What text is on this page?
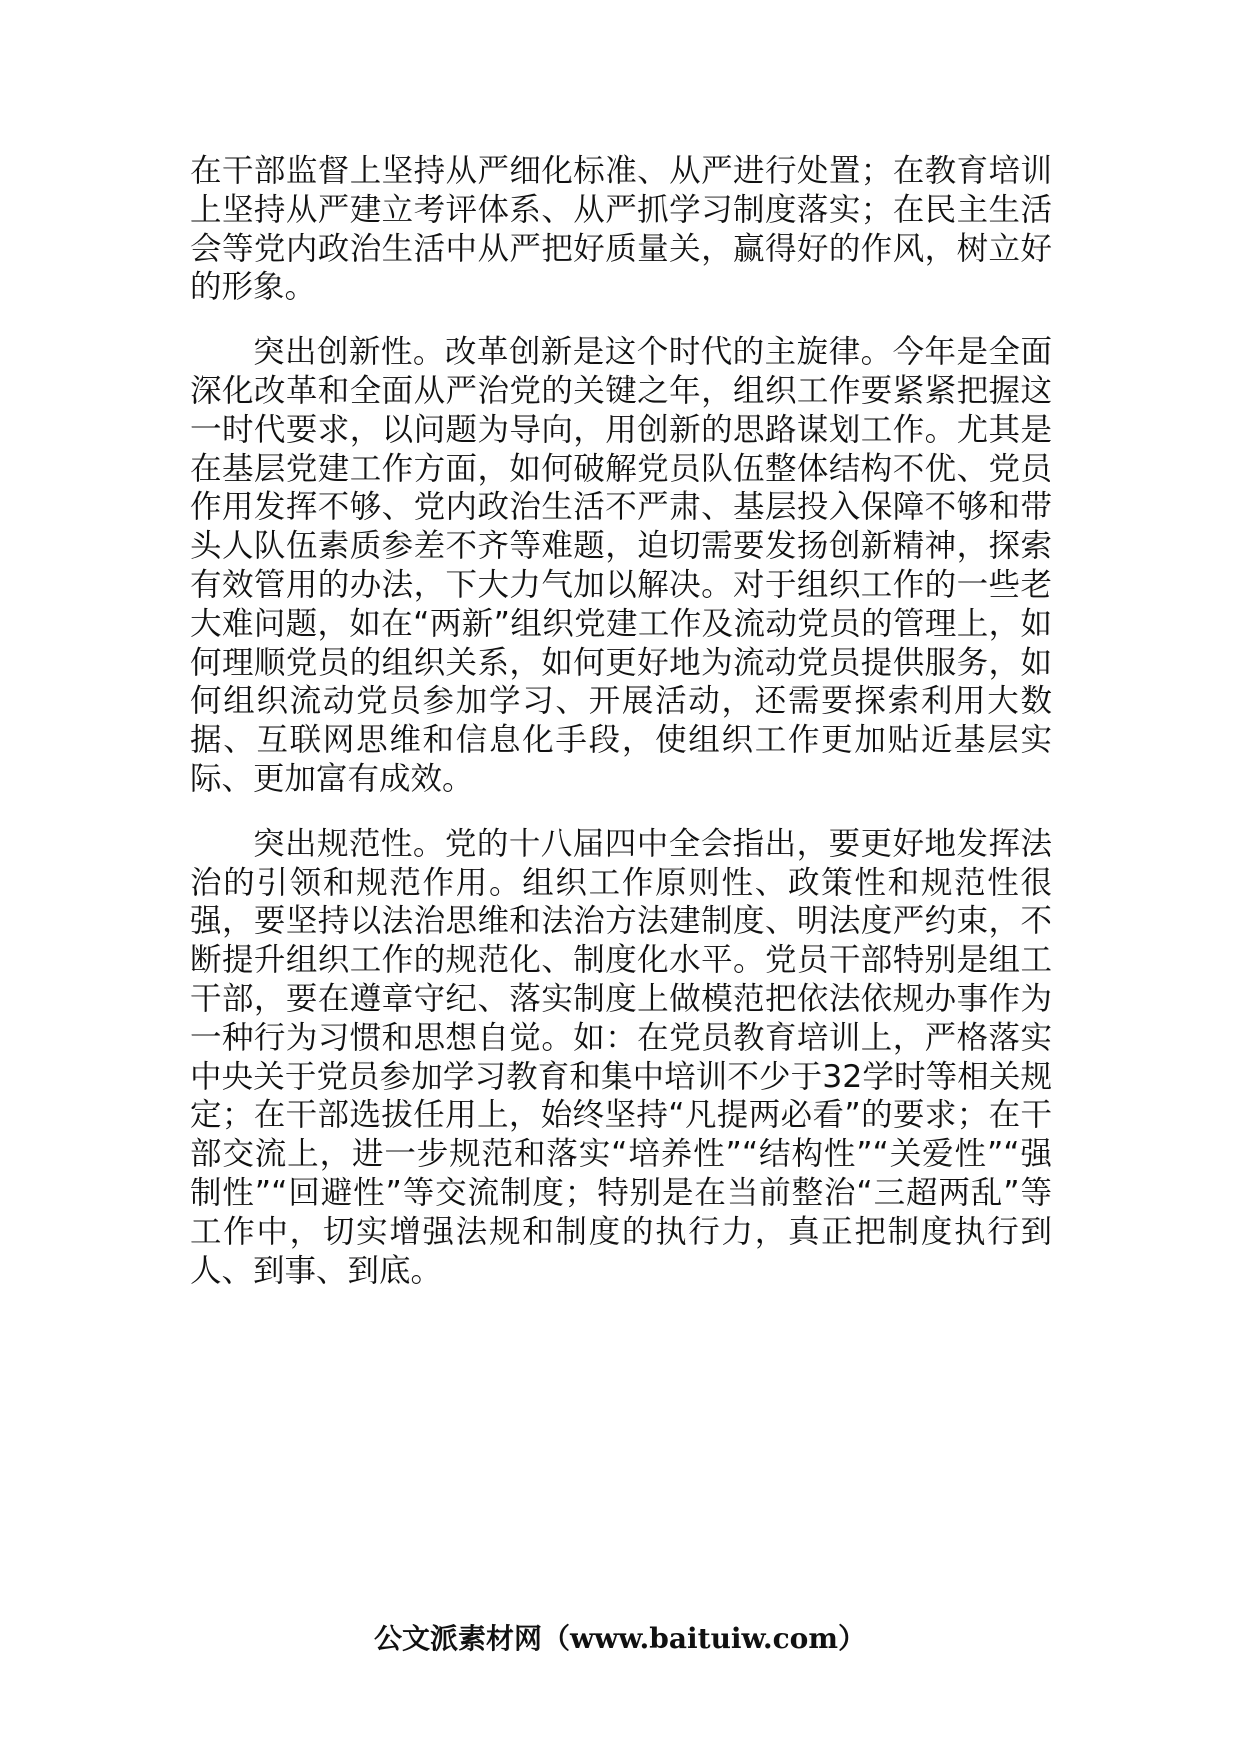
在干部监督上坚持从严细化标准、从严进行处置；在教育培训上坚持从严建立考评体系、从严抓学习制度落实；在民主生活会等党内政治生活中从严把好质量关，赢得好的作风，树立好的形象。

突出创新性。改革创新是这个时代的主旋律。今年是全面深化改革和全面从严治党的关键之年，组织工作要紧紧把握这一时代要求，以问题为导向，用创新的思路谋划工作。尤其是在基层党建工作方面，如何破解党员队伍整体结构不优、党员作用发挥不够、党内政治生活不严肃、基层投入保障不够和带头人队伍素质参差不齐等难题，迫切需要发扬创新精神，探索有效管用的办法，下大力气加以解决。对于组织工作的一些老大难问题，如在“两新”组织党建工作及流动党员的管理上，如何理顺党员的组织关系，如何更好地为流动党员提供服务，如何组织流动党员参加学习、开展活动，还需要探索利用大数据、互联网思维和信息化手段，使组织工作更加贴近基层实际、更加富有成效。

突出规范性。党的十八届四中全会指出，要更好地发挥法治的引领和规范作用。组织工作原则性、政策性和规范性很强，要坚持以法治思维和法治方法建制度、明法度严约束，不断提升组织工作的规范化、制度化水平。党员干部特别是组工干部，要在遵章守纪、落实制度上做模范把依法依规办事作为一种行为习惯和思想自觉。如：在党员教育培训上，严格落实中央关于党员参加学习教育和集中培训不少于32学时等相关规定；在干部选拔任用上，始终坚持“凡提两必看”的要求；在干部交流上，进一步规范和落实“培养性”“结构性”“关爱性”“强制性”“回避性”等交流制度；特别是在当前整治“三超两乱”等工作中，切实增强法规和制度的执行力，真正把制度执行到人、到事、到底。

公文派素材网（www.baituiw.com）
